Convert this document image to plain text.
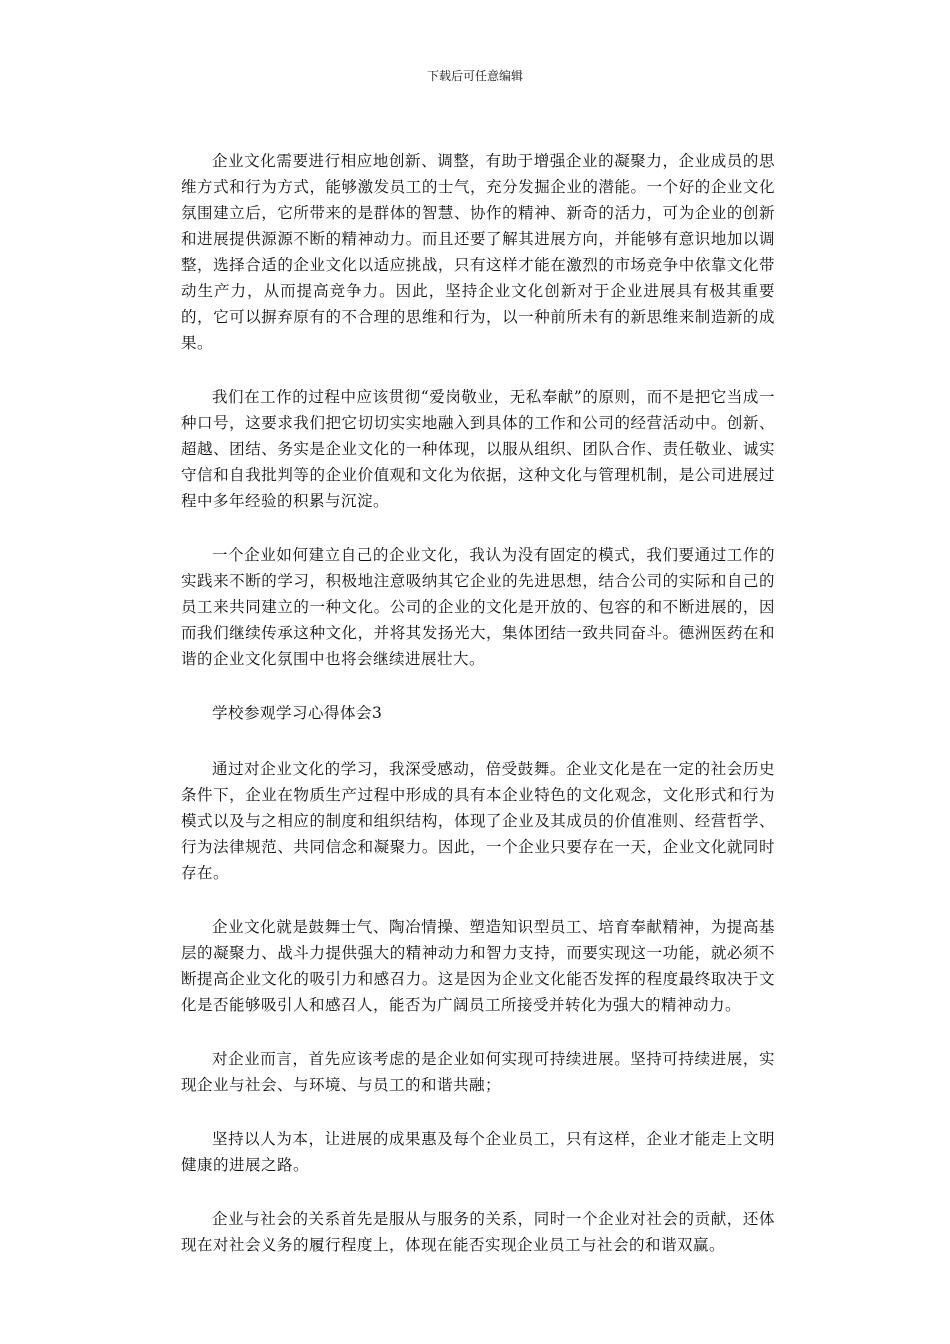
下载后可任意编辑

企业文化需要进行相应地创新、调整，有助于增强企业的凝聚力，企业成员的思维方式和行为方式，能够激发员工的士气，充分发掘企业的潜能。一个好的企业文化氛围建立后，它所带来的是群体的智慧、协作的精神、新奇的活力，可为企业的创新和进展提供源源不断的精神动力。而且还要了解其进展方向，并能够有意识地加以调整，选择合适的企业文化以适应挑战，只有这样才能在激烈的市场竞争中依靠文化带动生产力，从而提高竞争力。因此，坚持企业文化创新对于企业进展具有极其重要的，它可以摒弃原有的不合理的思维和行为，以一种前所未有的新思维来制造新的成果。

我们在工作的过程中应该贯彻“爱岗敬业，无私奉献”的原则，而不是把它当成一种口号，这要求我们把它切切实实地融入到具体的工作和公司的经营活动中。创新、超越、团结、务实是企业文化的一种体现，以服从组织、团队合作、责任敬业、诚实守信和自我批判等的企业价值观和文化为依据，这种文化与管理机制，是公司进展过程中多年经验的积累与沉淀。

一个企业如何建立自己的企业文化，我认为没有固定的模式，我们要通过工作的实践来不断的学习，积极地注意吸纳其它企业的先进思想，结合公司的实际和自己的员工来共同建立的一种文化。公司的企业的文化是开放的、包容的和不断进展的，因而我们继续传承这种文化，并将其发扬光大，集体团结一致共同奋斗。德洲医药在和谐的企业文化氛围中也将会继续进展壮大。

学校参观学习心得体会3

通过对企业文化的学习，我深受感动，倍受鼓舞。企业文化是在一定的社会历史条件下，企业在物质生产过程中形成的具有本企业特色的文化观念，文化形式和行为模式以及与之相应的制度和组织结构，体现了企业及其成员的价值准则、经营哲学、行为法律规范、共同信念和凝聚力。因此，一个企业只要存在一天，企业文化就同时存在。

企业文化就是鼓舞士气、陶冶情操、塑造知识型员工、培育奉献精神，为提高基层的凝聚力、战斗力提供强大的精神动力和智力支持，而要实现这一功能，就必须不断提高企业文化的吸引力和感召力。这是因为企业文化能否发挥的程度最终取决于文化是否能够吸引人和感召人，能否为广阔员工所接受并转化为强大的精神动力。

对企业而言，首先应该考虑的是企业如何实现可持续进展。坚持可持续进展，实现企业与社会、与环境、与员工的和谐共融；

坚持以人为本，让进展的成果惠及每个企业员工，只有这样，企业才能走上文明健康的进展之路。

企业与社会的关系首先是服从与服务的关系，同时一个企业对社会的贡献，还体现在对社会义务的履行程度上，体现在能否实现企业员工与社会的和谐双赢。
